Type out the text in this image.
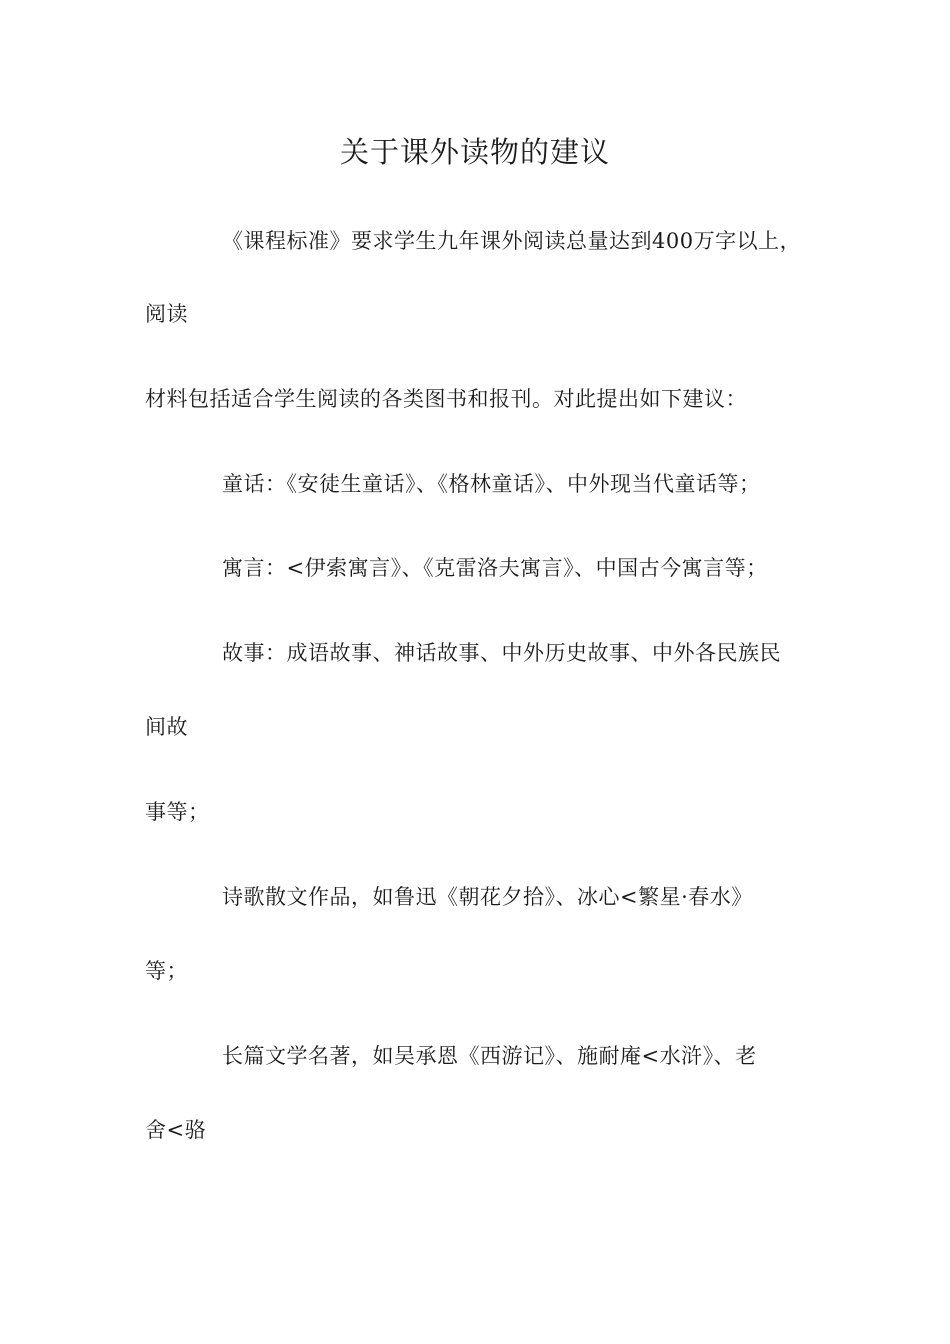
关于课外读物的建议
《课程标准》要求学生九年课外阅读总量达到400万字以上，
阅读
材料包括适合学生阅读的各类图书和报刊。对此提出如下建议：
童话：《安徒生童话》、《格林童话》、中外现当代童话等；
寓言：<伊索寓言》、《克雷洛夫寓言》、中国古今寓言等；
故事：成语故事、神话故事、中外历史故事、中外各民族民
间故
事等；
诗歌散文作品，如鲁迅《朝花夕拾》、冰心<繁星·春水》
等；
长篇文学名著，如吴承恩《西游记》、施耐庵<水浒》、老
舍<骆
